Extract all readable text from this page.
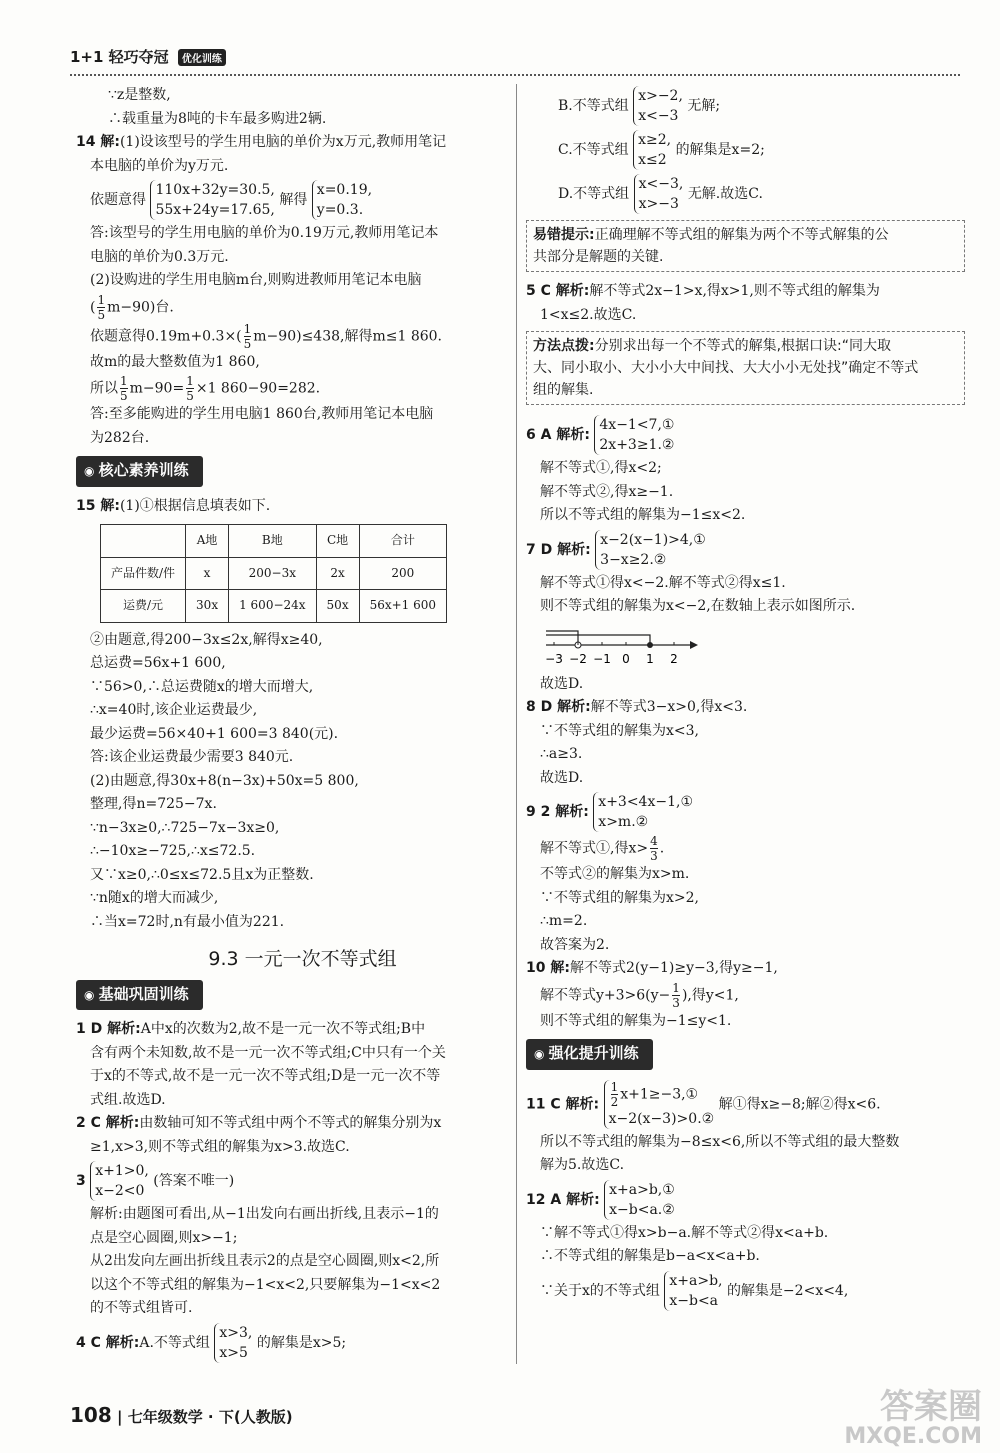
1+1 轻巧夺冠 优化训练
∵z是整数,
∴载重量为8吨的卡车最多购进2辆.
14 解:(1)设该型号的学生用电脑的单价为x万元,教师用笔记
本电脑的单价为y万元.
依题意得
110x+32y=30.5,
55x+24y=17.65,
解得
x=0.19,
y=0.3.
答:该型号的学生用电脑的单价为0.19万元,教师用笔记本
电脑的单价为0.3万元.
(2)设购进的学生用电脑m台,则购进教师用笔记本电脑
( $\frac{1}{5} m-90$)台.
依题意得$0.19m+0.3\times( \frac{1}{5} m-90)\le 438$,解得m≤1 860.
故m的最大整数值为1 860,
所以 $\frac{1}{5} m-90= \frac{1}{5} \times 1$ 860−90=282.
答:至多能购进的学生用电脑1 860台,教师用笔记本电脑
为282台.
◉ 核心素养训练
15 解:(1)①根据信息填表如下.
	A地	B地	C地	合计
产品件数/件	x	200−3x	2x	200
运费/元	30x	1 600−24x	50x	56x+1 600
②由题意,得200−3x≤2x,解得x≥40,
总运费=56x+1 600,
∵56>0,∴总运费随x的增大而增大,
∴x=40时,该企业运费最少,
最少运费=56×40+1 600=3 840(元).
答:该企业运费最少需要3 840元.
(2)由题意,得30x+8(n−3x)+50x=5 800,
整理,得n=725−7x.
∵n−3x≥0,∴725−7x−3x≥0,
∴−10x≥−725,∴x≤72.5.
又∵x≥0,∴0≤x≤72.5且x为正整数.
∵n随x的增大而减少,
∴当x=72时,n有最小值为221.
9.3 一元一次不等式组
◉ 基础巩固训练
1 D 解析:A中x的次数为2,故不是一元一次不等式组;B中
含有两个未知数,故不是一元一次不等式组;C中只有一个关
于x的不等式,故不是一元一次不等式组;D是一元一次不等
式组.故选D.
2 C 解析:由数轴可知不等式组中两个不等式的解集分别为x
≥1,x>3,则不等式组的解集为x>3.故选C.
3
x+1>0,
x−2<0
(答案不唯一)
解析:由题图可看出,从−1出发向右画出折线,且表示−1的
点是空心圆圈,则x>−1;
从2出发向左画出折线且表示2的点是空心圆圈,则x<2,所
以这个不等式组的解集为−1<x<2,只要解集为−1<x<2
的不等式组皆可.
4 C 解析:A.不等式组
x>3,
x>5
的解集是x>5;
B.不等式组
x>−2,
x<−3
无解;
C.不等式组
x≥2,
x≤2
的解集是x=2;
D.不等式组
x<−3,
x>−3
无解.故选C.
易错提示:正确理解不等式组的解集为两个不等式解集的公
共部分是解题的关键.
5 C 解析:解不等式2x−1>x,得x>1,则不等式组的解集为
1<x≤2.故选C.
方法点拨:分别求出每一个不等式的解集,根据口诀:“同大取
大、同小取小、大小小大中间找、大大小小无处找”确定不等式
组的解集.
6 A 解析:
4x−1<7,①
2x+3≥1.②
解不等式①,得x<2;
解不等式②,得x≥−1.
所以不等式组的解集为−1≤x<2.
7 D 解析:
x−2(x−1)>4,①
3−x≥2.②
解不等式①得x<−2.解不等式②得x≤1.
则不等式组的解集为x<−2,在数轴上表示如图所示.
−3 −2 −1 0 1 2
故选D.
8 D 解析:解不等式3−x>0,得x<3.
∵不等式组的解集为x<3,
∴a≥3.
故选D.
9 2 解析:
x+3<4x−1,①
x>m.②
解不等式①,得$x> \frac{4}{3}$ .
不等式②的解集为x>m.
∵不等式组的解集为x>2,
∴m=2.
故答案为2.
10 解:解不等式2(y−1)≥y−3,得y≥−1,
解不等式$y+3>6(y- \frac{1}{3}$ ),得y<1,
则不等式组的解集为−1≤y<1.
◉ 强化提升训练
11 C 解析: $\frac{1}{2}$ x+1≥−3,①
x−2(x−3)>0.②
解①得x≥−8;解②得x<6.
所以不等式组的解集为−8≤x<6,所以不等式组的最大整数
解为5.故选C.
12 A 解析:
x+a>b,①
x−b<a.②
∵解不等式①得x>b−a.解不等式②得x<a+b.
∴不等式组的解集是b−a<x<a+b.
∵关于x的不等式组
x+a>b,
x−b<a
的解集是−2<x<4,
108 | 七年级数学 · 下(人教版)	答案圈
MXQE.COM
